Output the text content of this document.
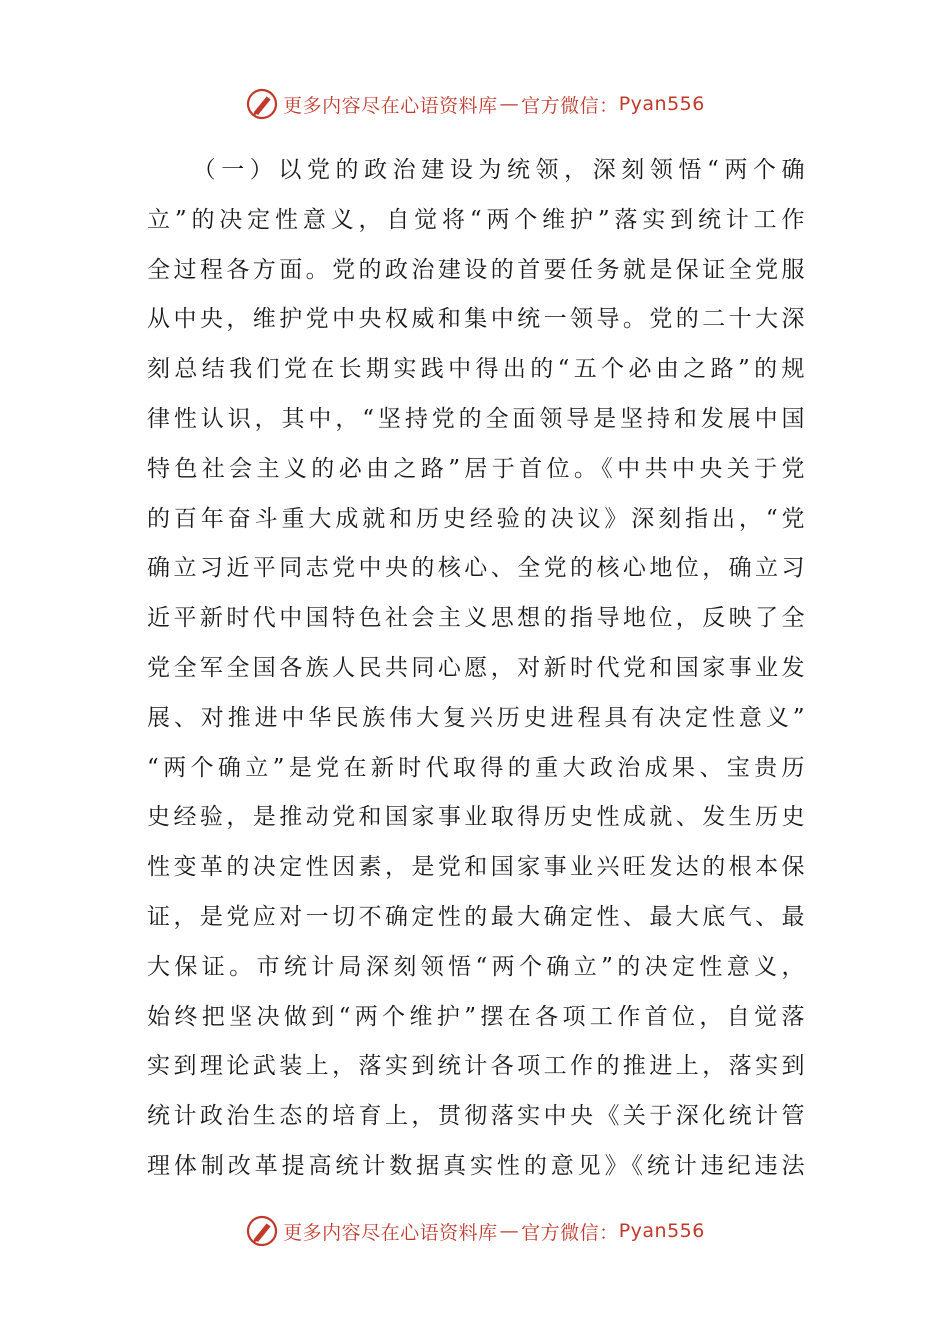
更多内容尽在心语资料库 — 官方微信： Pyan556
　　（一）以党的政治建设为统领，深刻领悟“两个确
立”的决定性意义，自觉将“两个维护”落实到统计工作
全过程各方面。党的政治建设的首要任务就是保证全党服
从中央，维护党中央权威和集中统一领导。党的二十大深
刻总结我们党在长期实践中得出的“五个必由之路”的规
律性认识，其中，“坚持党的全面领导是坚持和发展中国
特色社会主义的必由之路”居于首位。《中共中央关于党
的百年奋斗重大成就和历史经验的决议》深刻指出，“党
确立习近平同志党中央的核心、全党的核心地位，确立习
近平新时代中国特色社会主义思想的指导地位，反映了全
党全军全国各族人民共同心愿，对新时代党和国家事业发
展、对推进中华民族伟大复兴历史进程具有决定性意义”
“两个确立”是党在新时代取得的重大政治成果、宝贵历
史经验，是推动党和国家事业取得历史性成就、发生历史
性变革的决定性因素，是党和国家事业兴旺发达的根本保
证，是党应对一切不确定性的最大确定性、最大底气、最
大保证。市统计局深刻领悟“两个确立”的决定性意义，
始终把坚决做到“两个维护”摆在各项工作首位，自觉落
实到理论武装上，落实到统计各项工作的推进上，落实到
统计政治生态的培育上，贯彻落实中央《关于深化统计管
理体制改革提高统计数据真实性的意见》《统计违纪违法
更多内容尽在心语资料库 — 官方微信： Pyan556
